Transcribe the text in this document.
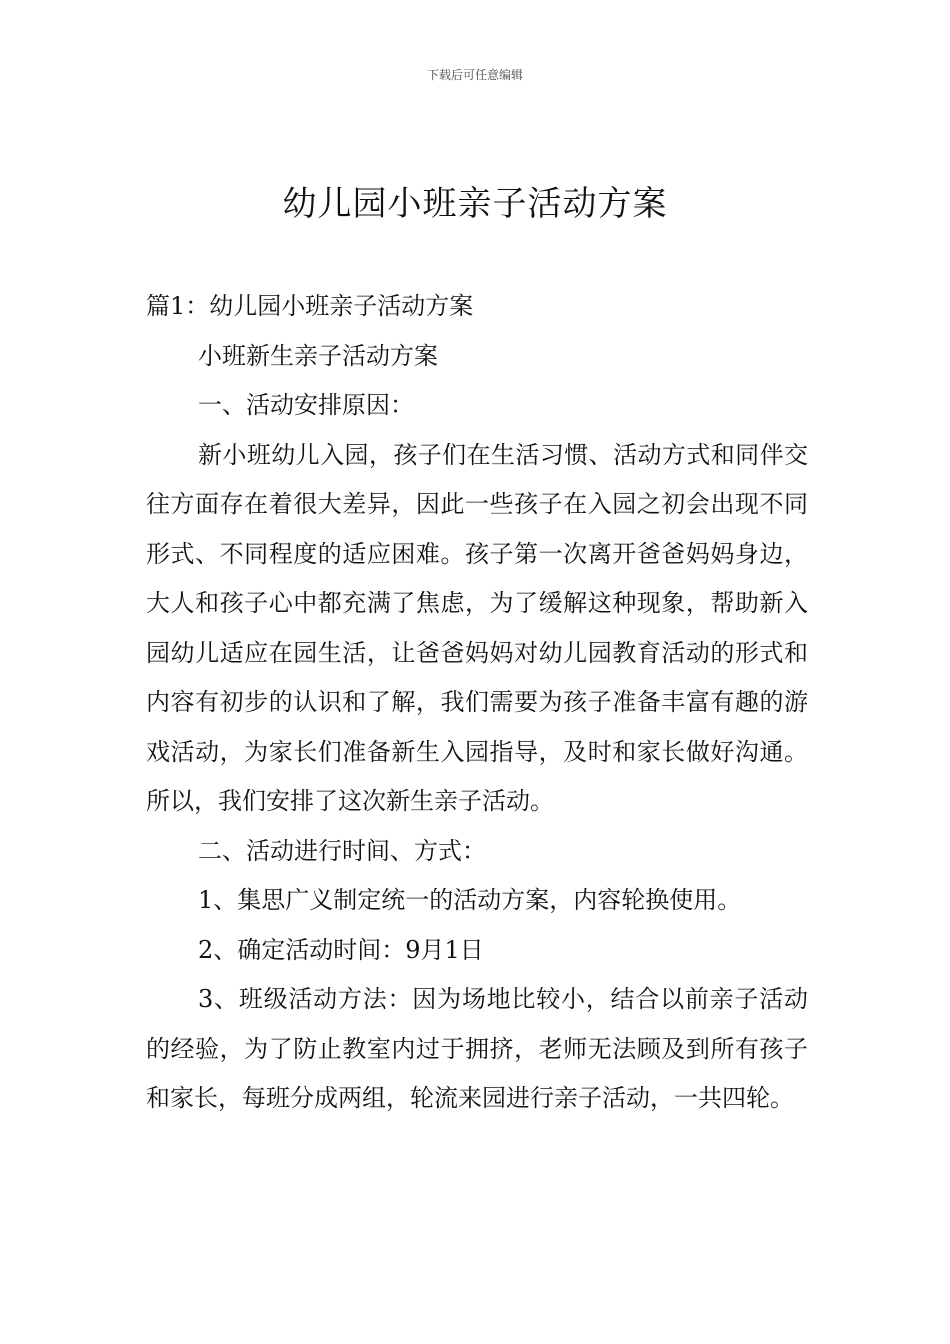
下载后可任意编辑
幼儿园小班亲子活动方案

篇1：幼儿园小班亲子活动方案

小班新生亲子活动方案

一、活动安排原因：

新小班幼儿入园，孩子们在生活习惯、活动方式和同伴交往方面存在着很大差异，因此一些孩子在入园之初会出现不同形式、不同程度的适应困难。孩子第一次离开爸爸妈妈身边，大人和孩子心中都充满了焦虑，为了缓解这种现象，帮助新入园幼儿适应在园生活，让爸爸妈妈对幼儿园教育活动的形式和内容有初步的认识和了解，我们需要为孩子准备丰富有趣的游戏活动，为家长们准备新生入园指导，及时和家长做好沟通。所以，我们安排了这次新生亲子活动。

二、活动进行时间、方式：

1、集思广义制定统一的活动方案，内容轮换使用。

2、确定活动时间：9月1日

3、班级活动方法：因为场地比较小，结合以前亲子活动的经验，为了防止教室内过于拥挤，老师无法顾及到所有孩子和家长，每班分成两组，轮流来园进行亲子活动，一共四轮。
